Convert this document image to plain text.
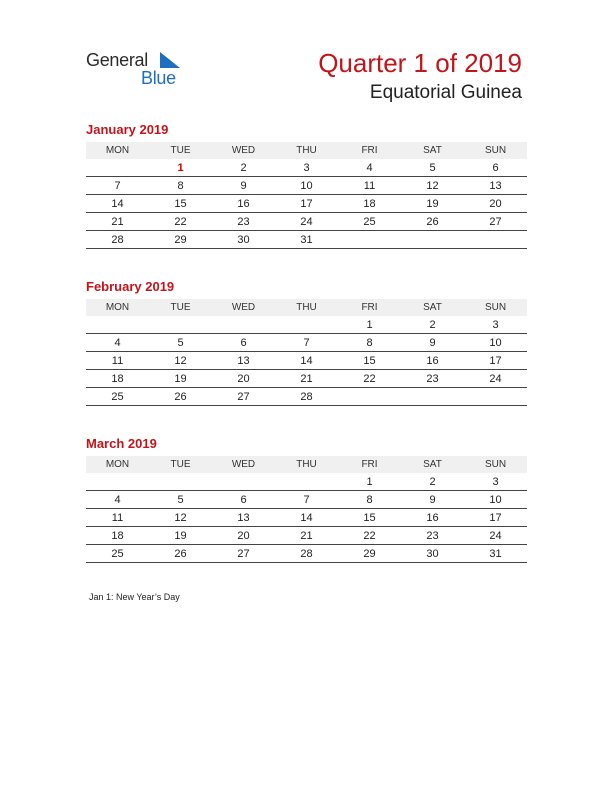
General
Blue	Quarter 1 of 2019
Equatorial Guinea
January 2019
MON	TUE	WED	THU	FRI	SAT	SUN
	1	2	3	4	5	6
7	8	9	10	11	12	13
14	15	16	17	18	19	20
21	22	23	24	25	26	27
28	29	30	31			
February 2019
MON	TUE	WED	THU	FRI	SAT	SUN
				1	2	3
4	5	6	7	8	9	10
11	12	13	14	15	16	17
18	19	20	21	22	23	24
25	26	27	28			
March 2019
MON	TUE	WED	THU	FRI	SAT	SUN
				1	2	3
4	5	6	7	8	9	10
11	12	13	14	15	16	17
18	19	20	21	22	23	24
25	26	27	28	29	30	31
Jan 1: New Year’s Day
